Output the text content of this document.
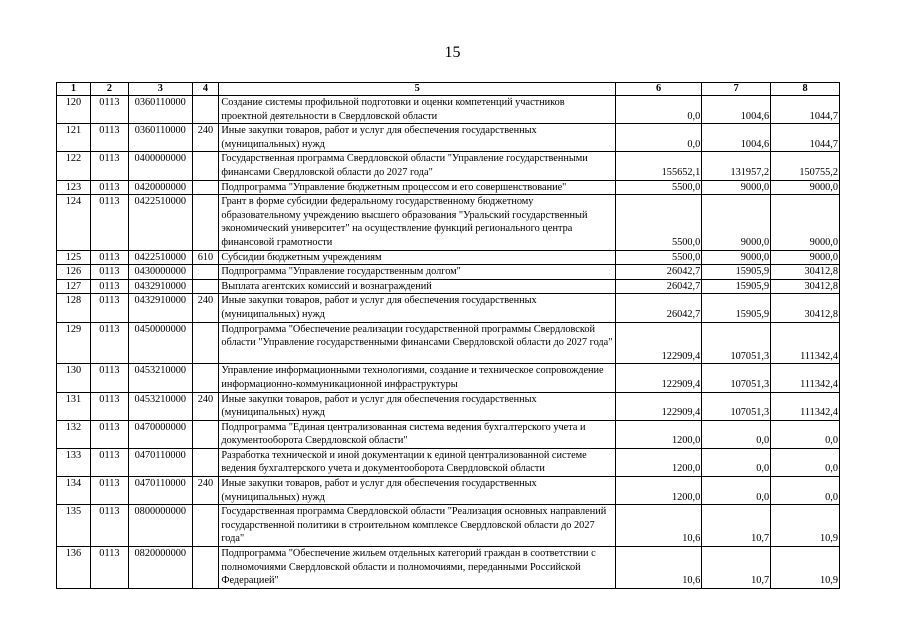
15
1	2	3	4	5	6	7	8
120	0113	0360110000		Создание системы профильной подготовки и оценки компетенций участников проектной деятельности в Свердловской области	0,0	1004,6	1044,7
121	0113	0360110000	240	Иные закупки товаров, работ и услуг для обеспечения государственных (муниципальных) нужд	0,0	1004,6	1044,7
122	0113	0400000000		Государственная программа Свердловской области "Управление государственными финансами Свердловской области до 2027 года"	155652,1	131957,2	150755,2
123	0113	0420000000		Подпрограмма "Управление бюджетным процессом и его совершенствование"	5500,0	9000,0	9000,0
124	0113	0422510000		Грант в форме субсидии федеральному государственному бюджетному образовательному учреждению высшего образования "Уральский государственный экономический университет" на осуществление функций регионального центра финансовой грамотности	5500,0	9000,0	9000,0
125	0113	0422510000	610	Субсидии бюджетным учреждениям	5500,0	9000,0	9000,0
126	0113	0430000000		Подпрограмма "Управление государственным долгом"	26042,7	15905,9	30412,8
127	0113	0432910000		Выплата агентских комиссий и вознаграждений	26042,7	15905,9	30412,8
128	0113	0432910000	240	Иные закупки товаров, работ и услуг для обеспечения государственных (муниципальных) нужд	26042,7	15905,9	30412,8
129	0113	0450000000		Подпрограмма "Обеспечение реализации государственной программы Свердловской области "Управление государственными финансами Свердловской области до 2027 года"	122909,4	107051,3	111342,4
130	0113	0453210000		Управление информационными технологиями, создание и техническое сопровождение информационно-коммуникационной инфраструктуры	122909,4	107051,3	111342,4
131	0113	0453210000	240	Иные закупки товаров, работ и услуг для обеспечения государственных (муниципальных) нужд	122909,4	107051,3	111342,4
132	0113	0470000000		Подпрограмма "Единая централизованная система ведения бухгалтерского учета и документооборота Свердловской области"	1200,0	0,0	0,0
133	0113	0470110000		Разработка технической и иной документации к единой централизованной системе ведения бухгалтерского учета и документооборота Свердловской области	1200,0	0,0	0,0
134	0113	0470110000	240	Иные закупки товаров, работ и услуг для обеспечения государственных (муниципальных) нужд	1200,0	0,0	0,0
135	0113	0800000000		Государственная программа Свердловской области "Реализация основных направлений государственной политики в строительном комплексе Свердловской области до 2027 года"	10,6	10,7	10,9
136	0113	0820000000		Подпрограмма "Обеспечение жильем отдельных категорий граждан в соответствии с полномочиями Свердловской области и полномочиями, переданными Российской Федерацией"	10,6	10,7	10,9
